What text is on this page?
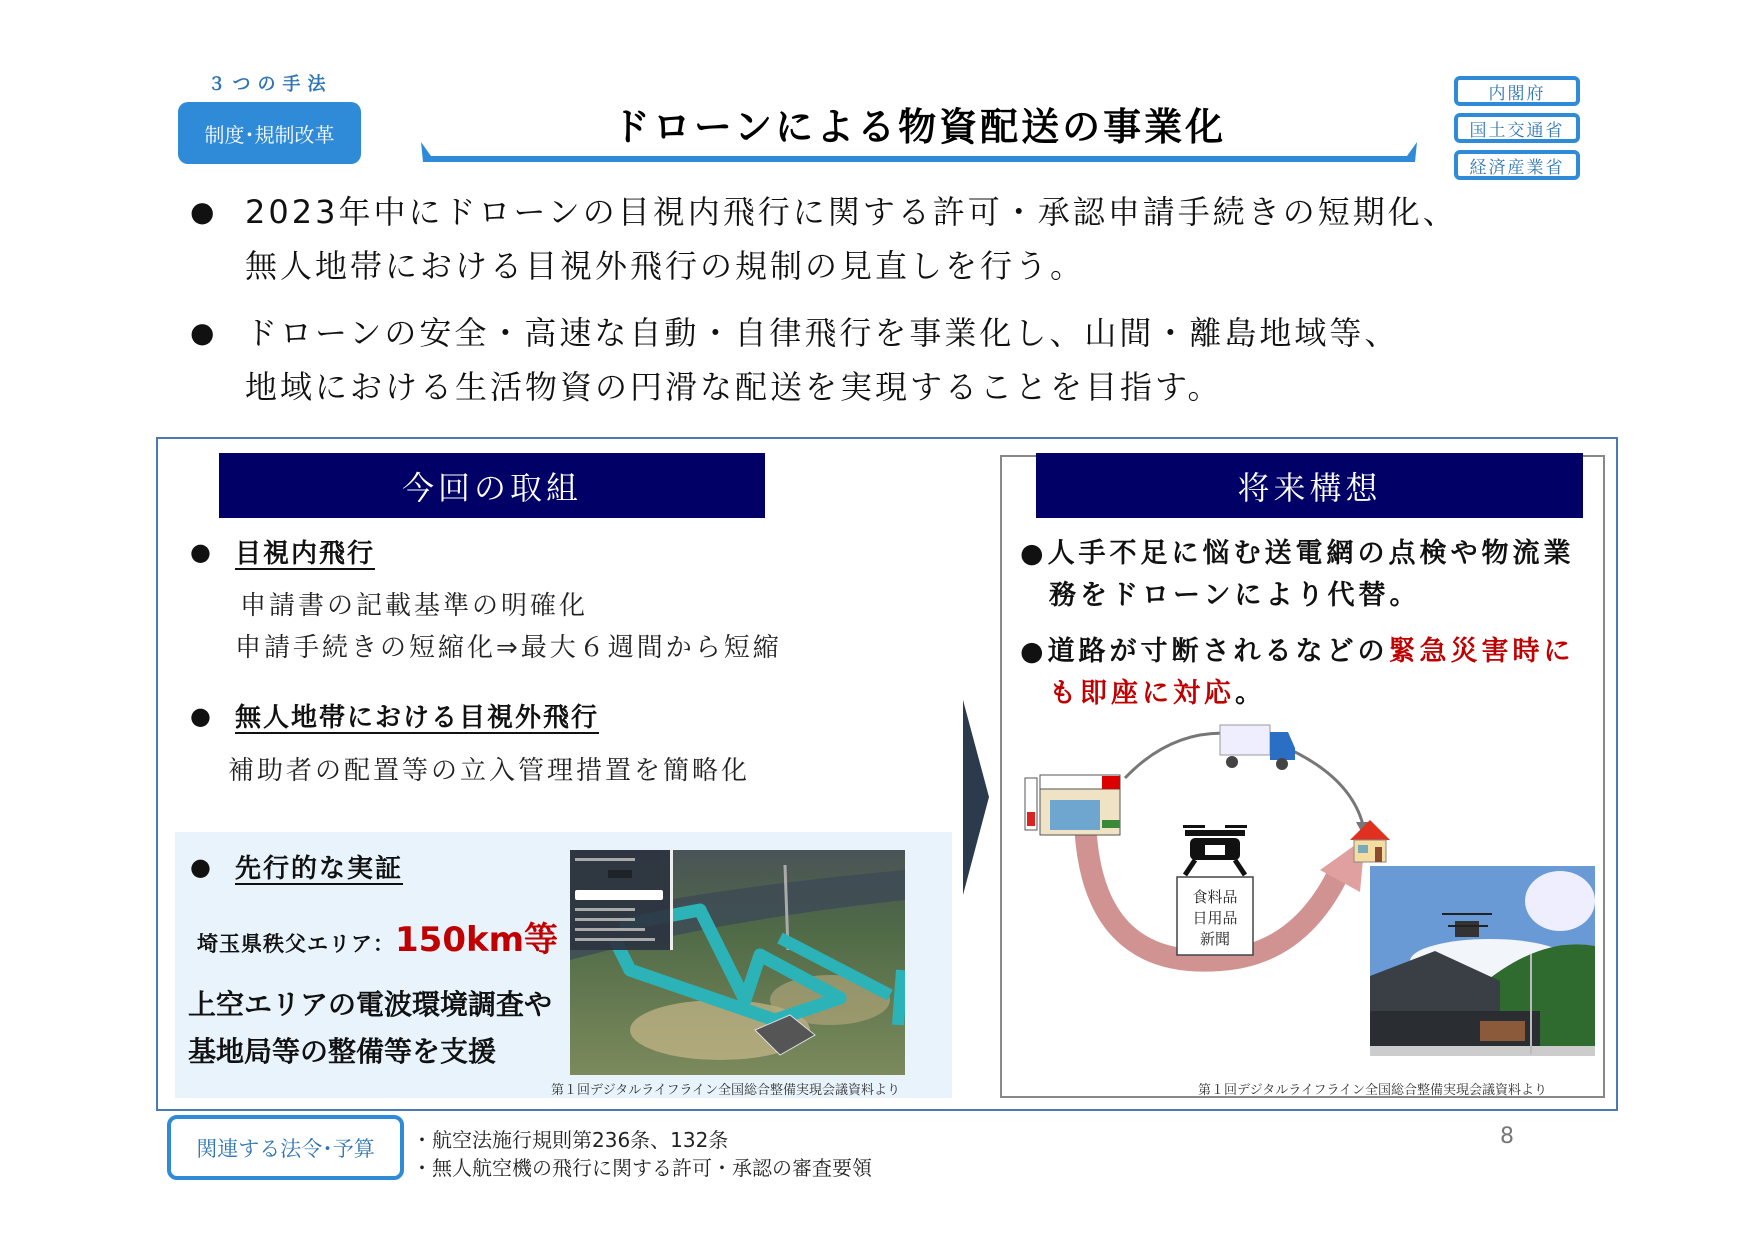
３つの手法
制度･規制改革	ドローンによる物資配送の事業化
内閣府
国土交通省
経済産業省
● 2023年中にドローンの目視内飛行に関する許可・承認申請手続きの短期化、
無人地帯における目視外飛行の規制の見直しを行う。
● ドローンの安全・高速な自動・自律飛行を事業化し、山間・離島地域等、
地域における生活物資の円滑な配送を実現することを目指す。
今回の取組
● 目視内飛行
申請書の記載基準の明確化
申請手続きの短縮化⇒最大６週間から短縮
● 無人地帯における目視外飛行
補助者の配置等の立入管理措置を簡略化
● 先行的な実証
埼玉県秩父エリア：150km等
上空エリアの電波環境調査や
基地局等の整備等を支援
第１回デジタルライフライン全国総合整備実現会議資料より
将来構想
●人手不足に悩む送電網の点検や物流業
務をドローンにより代替。
●道路が寸断されるなどの緊急災害時に
も即座に対応。
食料品
日用品
新聞
第１回デジタルライフライン全国総合整備実現会議資料より
関連する法令･予算	・航空法施行規則第236条、132条
・無人航空機の飛行に関する許可・承認の審査要領
8
